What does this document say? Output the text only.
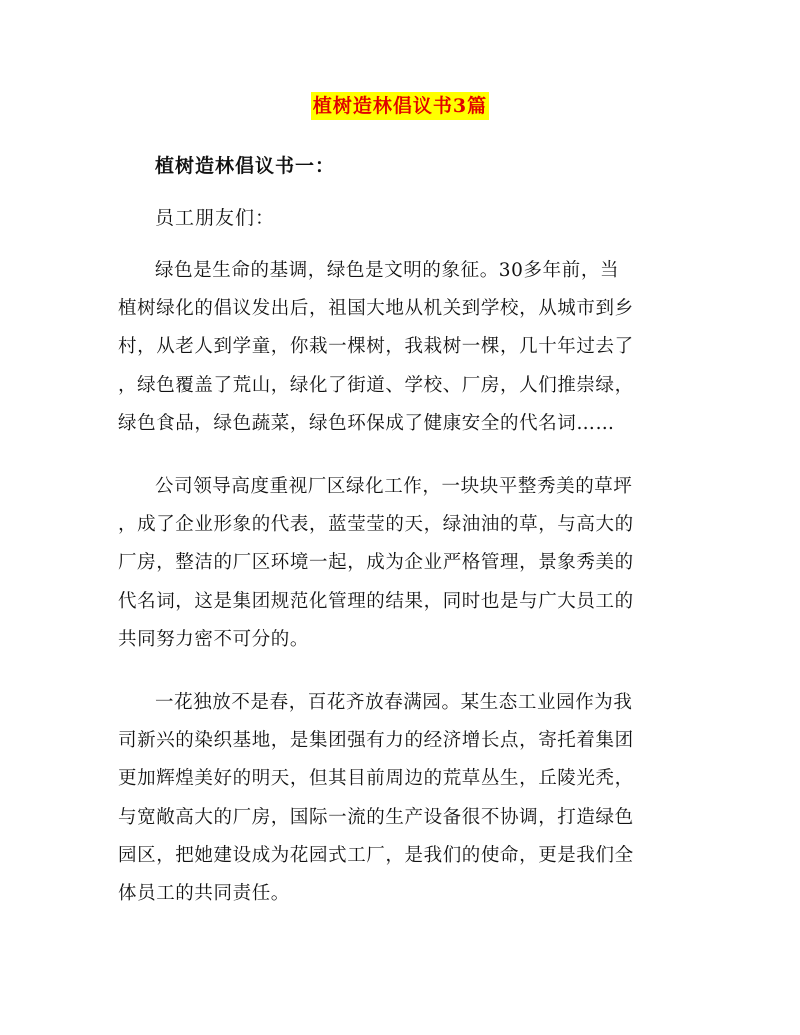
植树造林倡议书3篇
植树造林倡议书一：
员工朋友们：
绿色是生命的基调，绿色是文明的象征。30多年前，当
植树绿化的倡议发出后，祖国大地从机关到学校，从城市到乡
村，从老人到学童，你栽一棵树，我栽树一棵，几十年过去了
，绿色覆盖了荒山，绿化了街道、学校、厂房，人们推崇绿，
绿色食品，绿色蔬菜，绿色环保成了健康安全的代名词……
公司领导高度重视厂区绿化工作，一块块平整秀美的草坪
，成了企业形象的代表，蓝莹莹的天，绿油油的草，与高大的
厂房，整洁的厂区环境一起，成为企业严格管理，景象秀美的
代名词，这是集团规范化管理的结果，同时也是与广大员工的
共同努力密不可分的。
一花独放不是春，百花齐放春满园。某生态工业园作为我
司新兴的染织基地，是集团强有力的经济增长点，寄托着集团
更加辉煌美好的明天，但其目前周边的荒草丛生，丘陵光秃，
与宽敞高大的厂房，国际一流的生产设备很不协调，打造绿色
园区，把她建设成为花园式工厂，是我们的使命，更是我们全
体员工的共同责任。
